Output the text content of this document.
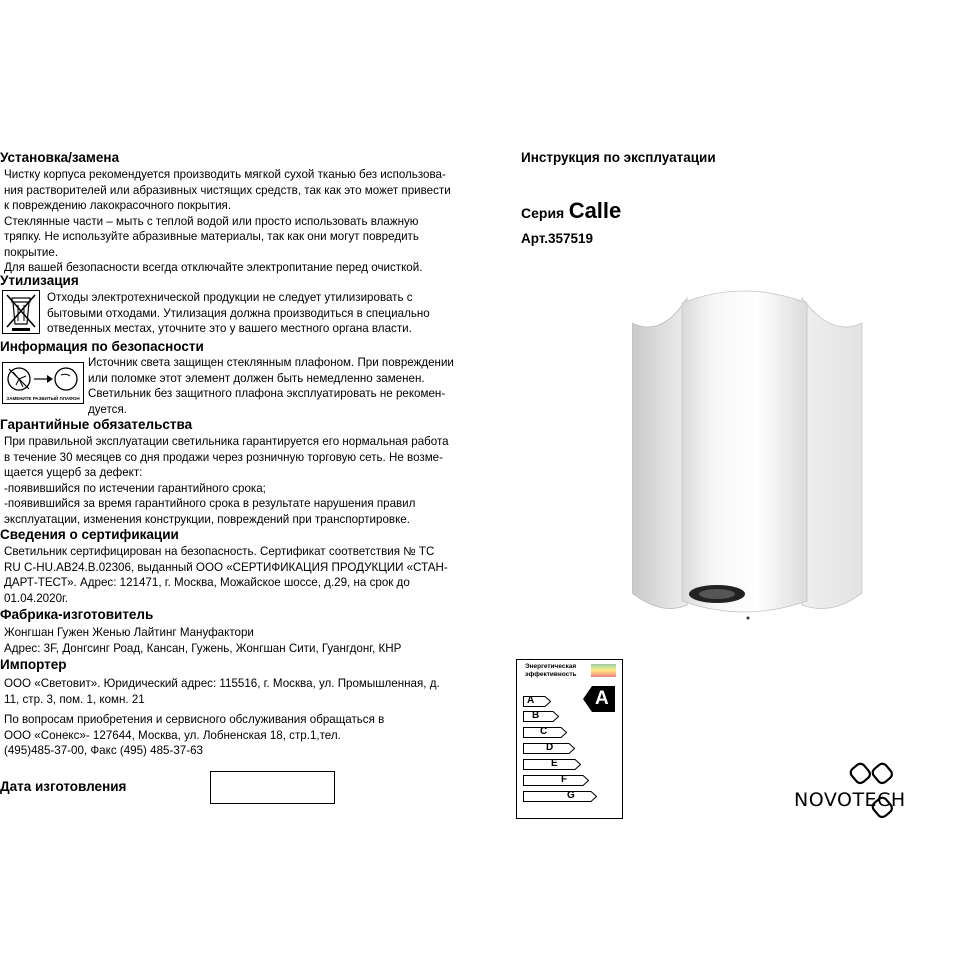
Установка/замена

Чистку корпуса рекомендуется производить мягкой сухой тканью без использова-

ния растворителей или абразивных чистящих средств, так как это может привести

к повреждению лакокрасочного покрытия.

Стеклянные части – мыть с теплой водой или просто использовать влажную

тряпку. Не используйте абразивные материалы, так как они могут повредить

покрытие.

Для вашей безопасности всегда отключайте электропитание перед очисткой.

Утилизация

Отходы электротехнической продукции не следует утилизировать с

бытовыми отходами. Утилизация должна производиться в специально

отведенных местах, уточните это у вашего местного органа власти.

Информация по безопасности
ЗАМЕНИТЕ РАЗБИТЫЙ ПЛАФОН

Источник света защищен стеклянным плафоном. При повреждении

или поломке этот элемент должен быть немедленно заменен.

Светильник без защитного плафона эксплуатировать не рекомен-

дуется.

Гарантийные обязательства

При правильной эксплуатации светильника гарантируется его нормальная работа

в течение 30 месяцев со дня продажи через розничную торговую сеть. Не возме-

щается ущерб за дефект:

-появившийся по истечении гарантийного срока;

-появившийся за время гарантийного срока в результате нарушения правил

эксплуатации, изменения конструкции, повреждений при транспортировке.

Сведения о сертификации

Светильник сертифицирован на безопасность. Сертификат соответствия № ТС

RU C-HU.AB24.B.02306, выданный ООО «СЕРТИФИКАЦИЯ ПРОДУКЦИИ «СТАН-

ДАРТ-ТЕСТ». Адрес: 121471, г. Москва, Можайское шоссе, д.29, на срок до

01.04.2020г.

Фабрика-изготовитель

Жонгшан Гужен Женью Лайтинг Мануфактори

Адрес: 3F, Донгсинг Роад, Кансан, Гужень, Жонгшан Сити, Гуангдонг, КНР

Импортер

ООО «Световит». Юридический адрес: 115516, г. Москва, ул. Промышленная, д.

11, стр. 3, пом. 1, комн. 21

По вопросам приобретения и сервисного обслуживания обращаться в

ООО «Сонекс»- 127644, Москва, ул. Лобненская 18, стр.1,тел.

(495)485-37-00, Факс (495) 485-37-63

Дата изготовления
Инструкция по эксплуатации
Серия Calle
Арт.357519
Энергетическая
эффективность
A
B
C
D
E
F
G
A
NOVOTECH
